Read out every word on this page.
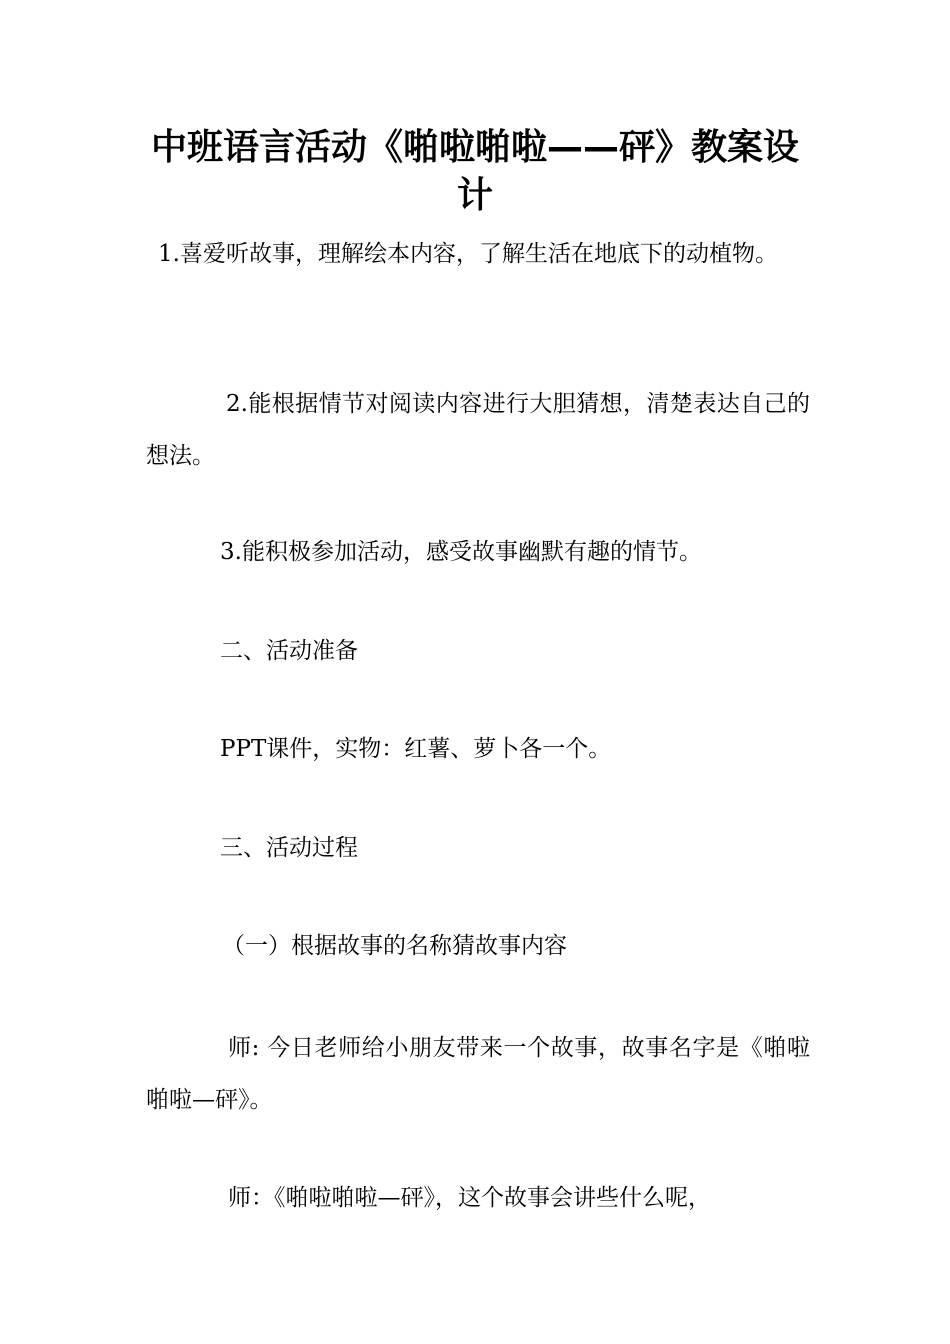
中班语言活动《啪啦啪啦——砰》教案设计

1.喜爱听故事，理解绘本内容，了解生活在地底下的动植物。

2.能根据情节对阅读内容进行大胆猜想，清楚表达自己的想法。

3.能积极参加活动，感受故事幽默有趣的情节。

二、活动准备

PPT课件，实物：红薯、萝卜各一个。

三、活动过程

（一）根据故事的名称猜故事内容

师: 今日老师给小朋友带来一个故事，故事名字是《啪啦啪啦—砰》。

师：《啪啦啪啦—砰》，这个故事会讲些什么呢，
